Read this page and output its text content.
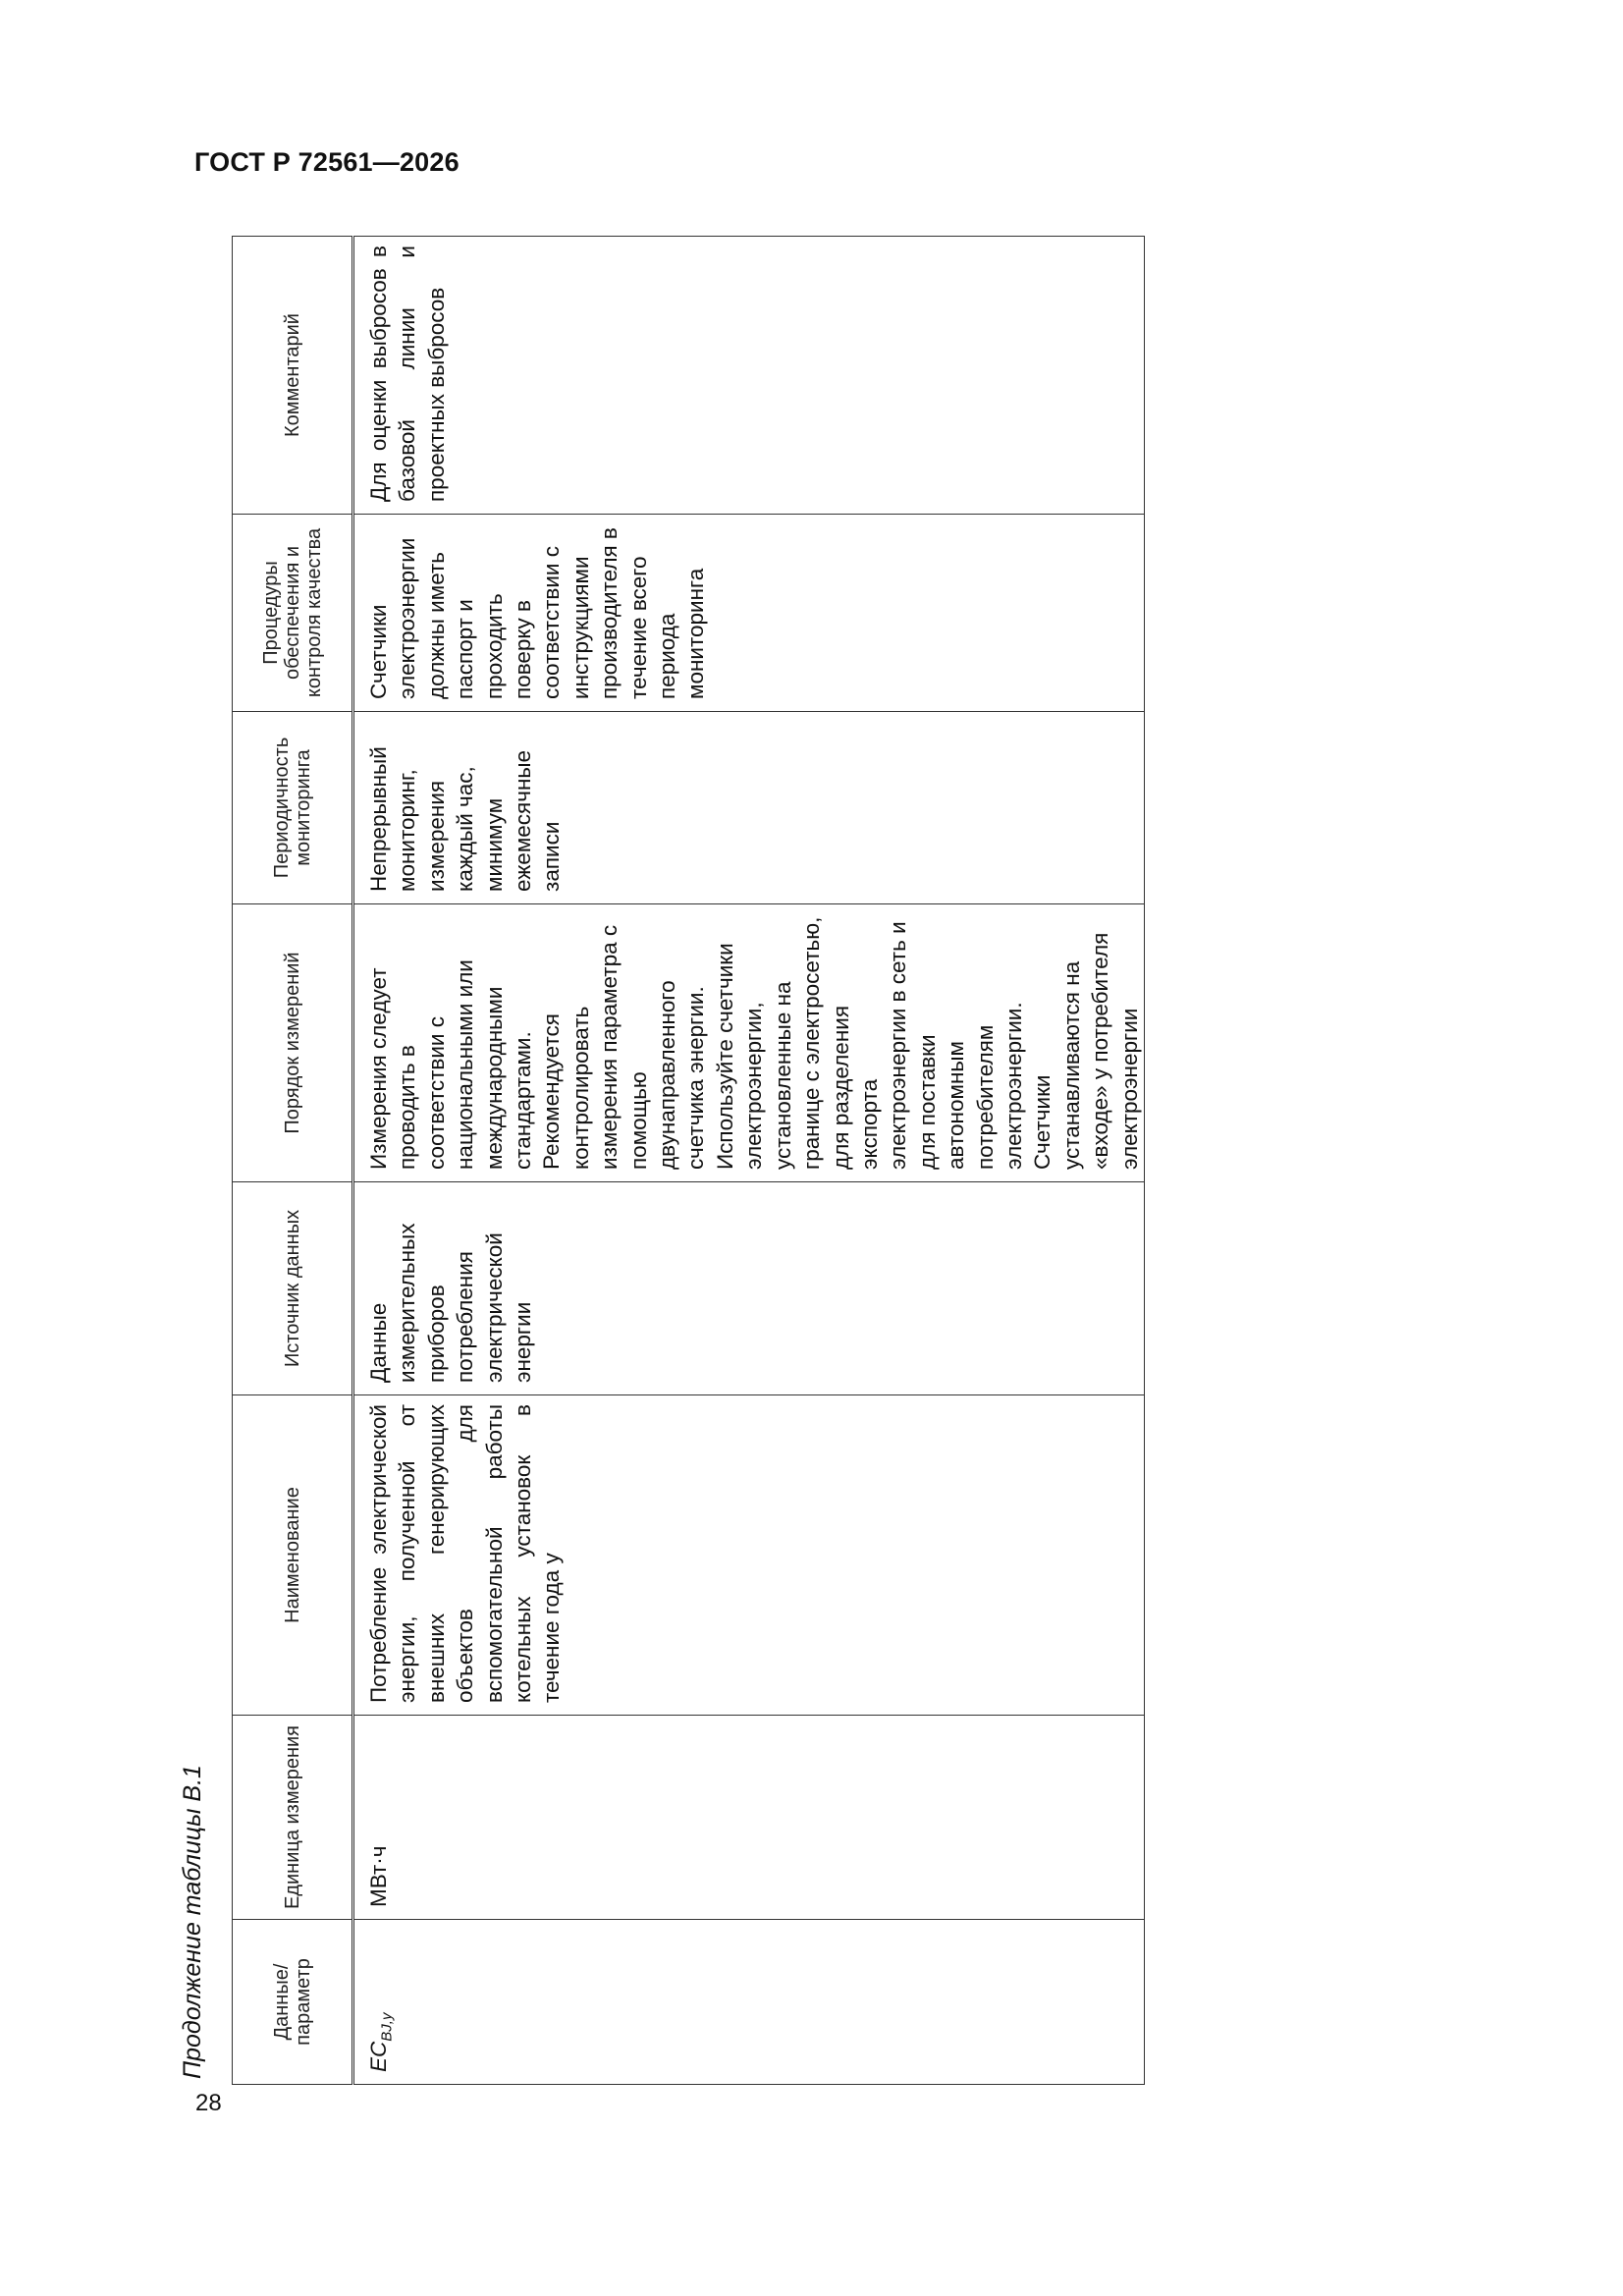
ГОСТ Р 72561—2026
28
Продолжение таблицы В.1	Данные/ параметр	Единица измерения	Наименование	Источник данных	Порядок измерений	Периодичность мониторинга	Процедуры обеспечения и контроля качества	Комментарий
$EC_{BJ,y}$	МВт·ч	Потребление электрической энергии, полученной от внешних генерирующих объектов для вспомогательной работы котельных установок в течение года y	Данные измерительных приборов потребления электрической энергии	Измерения следует проводить в соответствии с национальными или международными стандартами. Рекомендуется контролировать измерения параметра с помощью двунаправленного счетчика энергии. Используйте счетчики электроэнергии, установленные на границе с электросетью, для разделения экспорта электроэнергии в сеть и для поставки автономным потребителям электроэнергии. Счетчики устанавливаются на «входе» у потребителя электроэнергии	Непрерывный мониторинг, измерения каждый час, минимум ежемесячные записи	Счетчики электроэнергии должны иметь паспорт и проходить поверку в соответствии с инструкциями производителя в течение всего периода мониторинга	Для оценки выбросов в базовой линии и проектных выбросов
